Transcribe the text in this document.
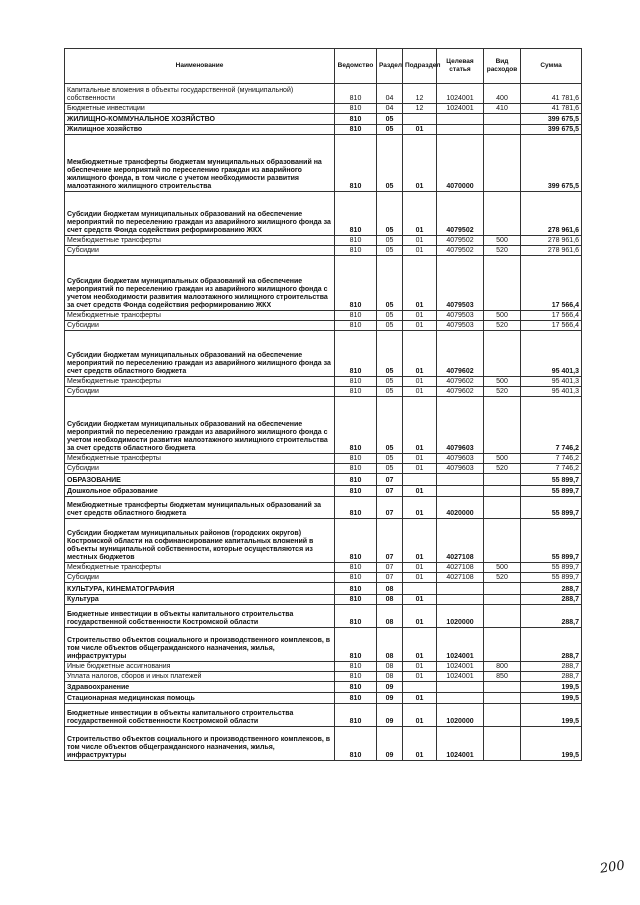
Наименование	Ведомство	Раздел	Подраздел	Целевая статья	Вид расходов	Сумма
Капитальные вложения в объекты государственной (муниципальной) собственности	810	04	12	1024001	400	41 781,6
Бюджетные инвестиции	810	04	12	1024001	410	41 781,6
ЖИЛИЩНО-КОММУНАЛЬНОЕ ХОЗЯЙСТВО	810	05				399 675,5
Жилищное хозяйство	810	05	01			399 675,5
Межбюджетные трансферты бюджетам муниципальных образований на обеспечение мероприятий по переселению граждан из аварийного жилищного фонда, в том числе с учетом необходимости развития малоэтажного жилищного строительства	810	05	01	4070000		399 675,5
Субсидии бюджетам муниципальных образований на обеспечение мероприятий по переселению граждан из аварийного жилищного фонда за счет средств Фонда содействия реформированию ЖКХ	810	05	01	4079502		278 961,6
Межбюджетные трансферты	810	05	01	4079502	500	278 961,6
Субсидии	810	05	01	4079502	520	278 961,6
Субсидии бюджетам муниципальных образований на обеспечение мероприятий по переселению граждан из аварийного жилищного фонда с учетом необходимости развития малоэтажного жилищного строительства за счет средств Фонда содействия реформированию ЖКХ	810	05	01	4079503		17 566,4
Межбюджетные трансферты	810	05	01	4079503	500	17 566,4
Субсидии	810	05	01	4079503	520	17 566,4
Субсидии бюджетам муниципальных образований на обеспечение мероприятий по переселению граждан из аварийного жилищного фонда за счет средств областного бюджета	810	05	01	4079602		95 401,3
Межбюджетные трансферты	810	05	01	4079602	500	95 401,3
Субсидии	810	05	01	4079602	520	95 401,3
Субсидии бюджетам муниципальных образований на обеспечение мероприятий по переселению граждан из аварийного жилищного фонда с учетом необходимости развития малоэтажного жилищного строительства за счет средств областного бюджета	810	05	01	4079603		7 746,2
Межбюджетные трансферты	810	05	01	4079603	500	7 746,2
Субсидии	810	05	01	4079603	520	7 746,2
ОБРАЗОВАНИЕ	810	07				55 899,7
Дошкольное образование	810	07	01			55 899,7
Межбюджетные трансферты бюджетам муниципальных образований за счет средств областного бюджета	810	07	01	4020000		55 899,7
Субсидии бюджетам муниципальных районов (городских округов) Костромской области на софинансирование капитальных вложений в объекты муниципальной собственности, которые осуществляются из местных бюджетов	810	07	01	4027108		55 899,7
Межбюджетные трансферты	810	07	01	4027108	500	55 899,7
Субсидии	810	07	01	4027108	520	55 899,7
КУЛЬТУРА, КИНЕМАТОГРАФИЯ	810	08				288,7
Культура	810	08	01			288,7
Бюджетные инвестиции в объекты капитального строительства государственной собственности Костромской области	810	08	01	1020000		288,7
Строительство объектов социального и производственного комплексов, в том числе объектов общегражданского назначения, жилья, инфраструктуры	810	08	01	1024001		288,7
Иные бюджетные ассигнования	810	08	01	1024001	800	288,7
Уплата налогов, сборов и иных платежей	810	08	01	1024001	850	288,7
Здравоохранение	810	09				199,5
Стационарная медицинская помощь	810	09	01			199,5
Бюджетные инвестиции в объекты капитального строительства государственной собственности Костромской области	810	09	01	1020000		199,5
Строительство объектов социального и производственного комплексов, в том числе объектов общегражданского назначения, жилья, инфраструктуры	810	09	01	1024001		199,5
200
